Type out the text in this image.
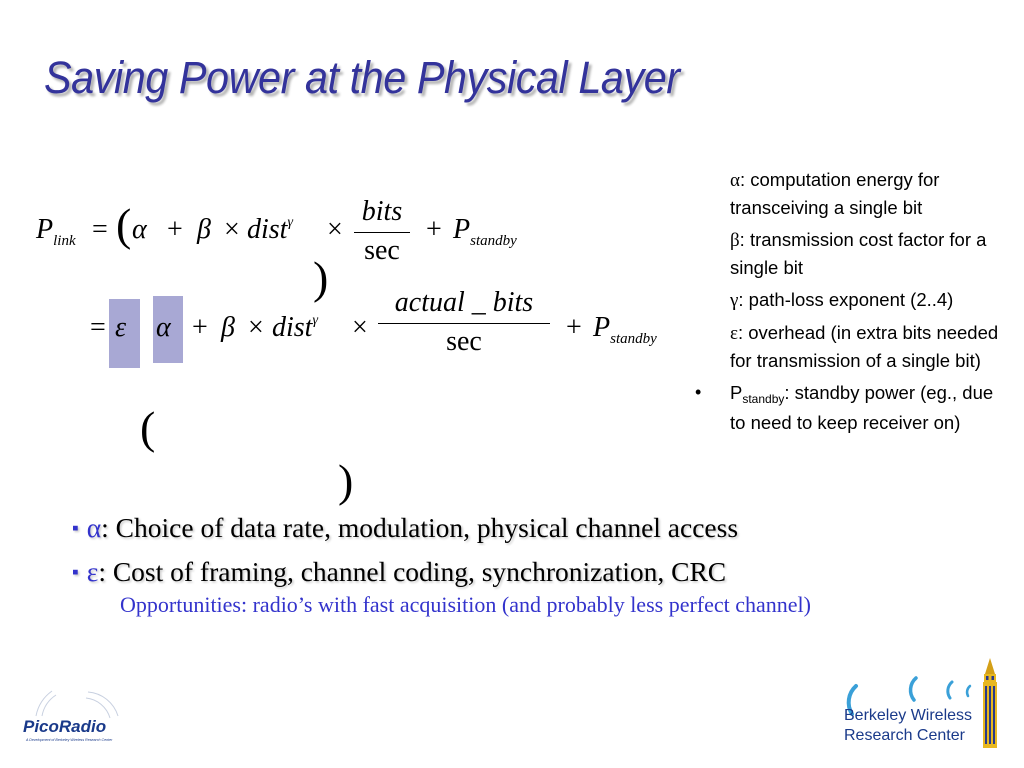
Saving Power at the Physical Layer
$P_{link}$ = ( α + β × dist$^\gamma$
)
×
bits
sec
+ $P_{standby}$
= ε
(
α + β × dist$^\gamma$
)
×
actual _ bits
sec	+ $P_{standby}$
α: computation energy for transceiving a single bit
β: transmission cost factor for a single bit
γ: path-loss exponent (2..4)
ε: overhead (in extra bits needed for transmission of a single bit)
•	$P_{standby}$: standby power (eg., due to need to keep receiver on)
▪ α: Choice of data rate, modulation, physical channel access
▪ ε: Cost of framing, channel coding, synchronization, CRC
Opportunities: radio’s with fast acquisition (and probably less perfect channel)
PicoRadio
A Development of Berkeley Wireless Research Center
Berkeley Wireless
Research Center
